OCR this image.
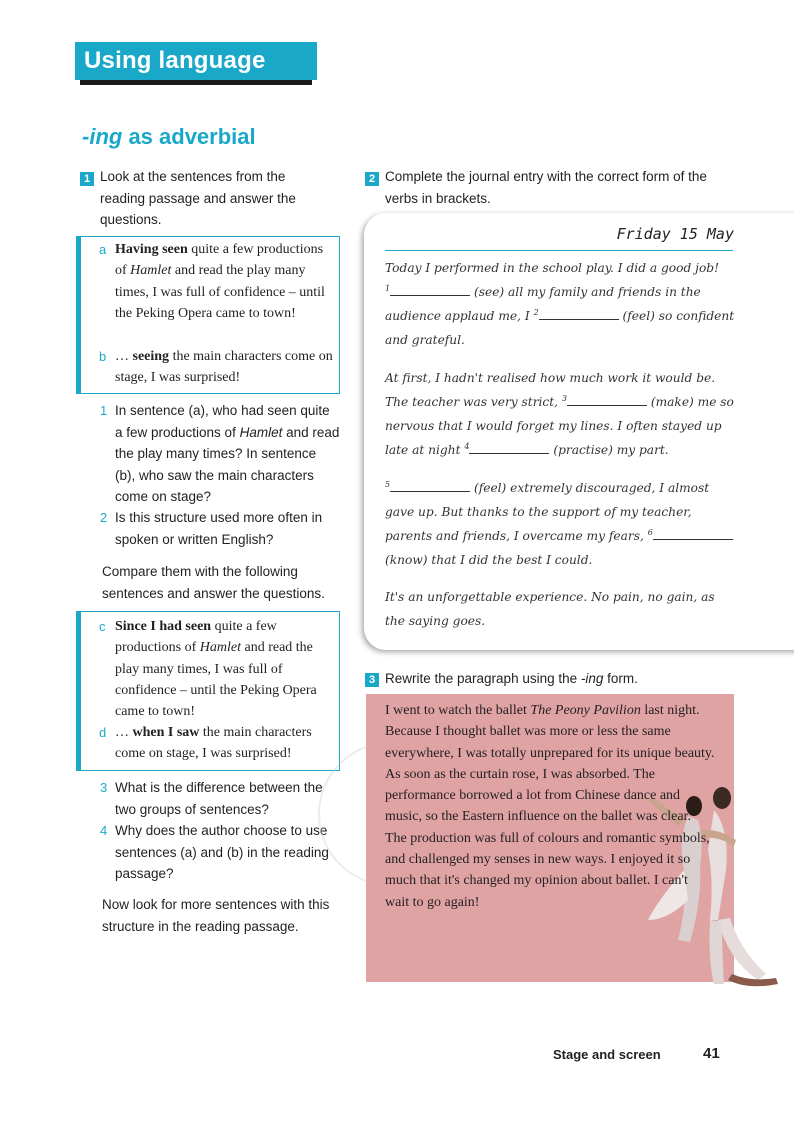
Using language
-ing as adverbial
1 Look at the sentences from the reading passage and answer the questions.
a Having seen quite a few productions of Hamlet and read the play many times, I was full of confidence – until the Peking Opera came to town!
b … seeing the main characters come on stage, I was surprised!
1 In sentence (a), who had seen quite a few productions of Hamlet and read the play many times? In sentence (b), who saw the main characters come on stage?
2 Is this structure used more often in spoken or written English?
Compare them with the following sentences and answer the questions.
c Since I had seen quite a few productions of Hamlet and read the play many times, I was full of confidence – until the Peking Opera came to town!
d … when I saw the main characters come on stage, I was surprised!
3 What is the difference between the two groups of sentences?
4 Why does the author choose to use sentences (a) and (b) in the reading passage?
Now look for more sentences with this structure in the reading passage.
2 Complete the journal entry with the correct form of the verbs in brackets.
Friday 15 May
Today I performed in the school play. I did a good job!
$^1$	(see) all my family and friends in the audience applaud me, I $^2$	(feel) so confident and grateful.
At first, I hadn't realised how much work it would be. The teacher was very strict, $^3$	(make) me so nervous that I would forget my lines. I often stayed up late at night $^4$	(practise) my part.
$^5$	(feel) extremely discouraged, I almost gave up. But thanks to the support of my teacher, parents and friends, I overcame my fears, $^6$ (know) that I did the best I could.
It's an unforgettable experience. No pain, no gain, as the saying goes.
3 Rewrite the paragraph using the -ing form.
I went to watch the ballet The Peony Pavilion last night. Because I thought ballet was more or less the same everywhere, I was totally unprepared for its unique beauty. As soon as the curtain rose, I was absorbed. The performance borrowed a lot from Chinese dance and music, so the Eastern influence on the ballet was clear. The production was full of colours and romantic symbols, and challenged my senses in new ways. I enjoyed it so much that it's changed my opinion about ballet. I can't wait to go again!
Stage and screen	41
